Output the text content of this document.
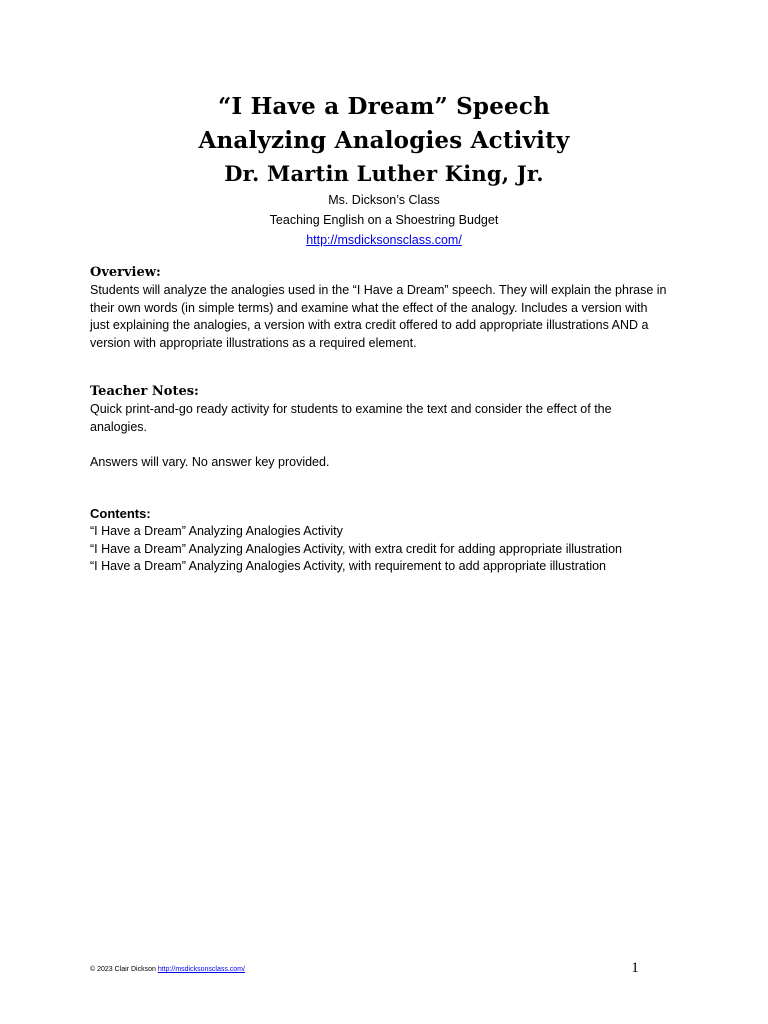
“I Have a Dream” Speech
Analyzing Analogies Activity
Dr. Martin Luther King, Jr.
Ms. Dickson’s Class
Teaching English on a Shoestring Budget
http://msdicksonsclass.com/
Overview:

Students will analyze the analogies used in the “I Have a Dream” speech. They will explain the phrase in

their own words (in simple terms) and examine what the effect of the analogy. Includes a version with

just explaining the analogies, a version with extra credit offered to add appropriate illustrations AND a

version with appropriate illustrations as a required element.

Teacher Notes:

Quick print-and-go ready activity for students to examine the text and consider the effect of the

analogies.

Answers will vary. No answer key provided.

Contents:
“I Have a Dream” Analyzing Analogies Activity
“I Have a Dream” Analyzing Analogies Activity, with extra credit for adding appropriate illustration
“I Have a Dream” Analyzing Analogies Activity, with requirement to add appropriate illustration
© 2023 Clair Dickson http://msdicksonsclass.com/	1
